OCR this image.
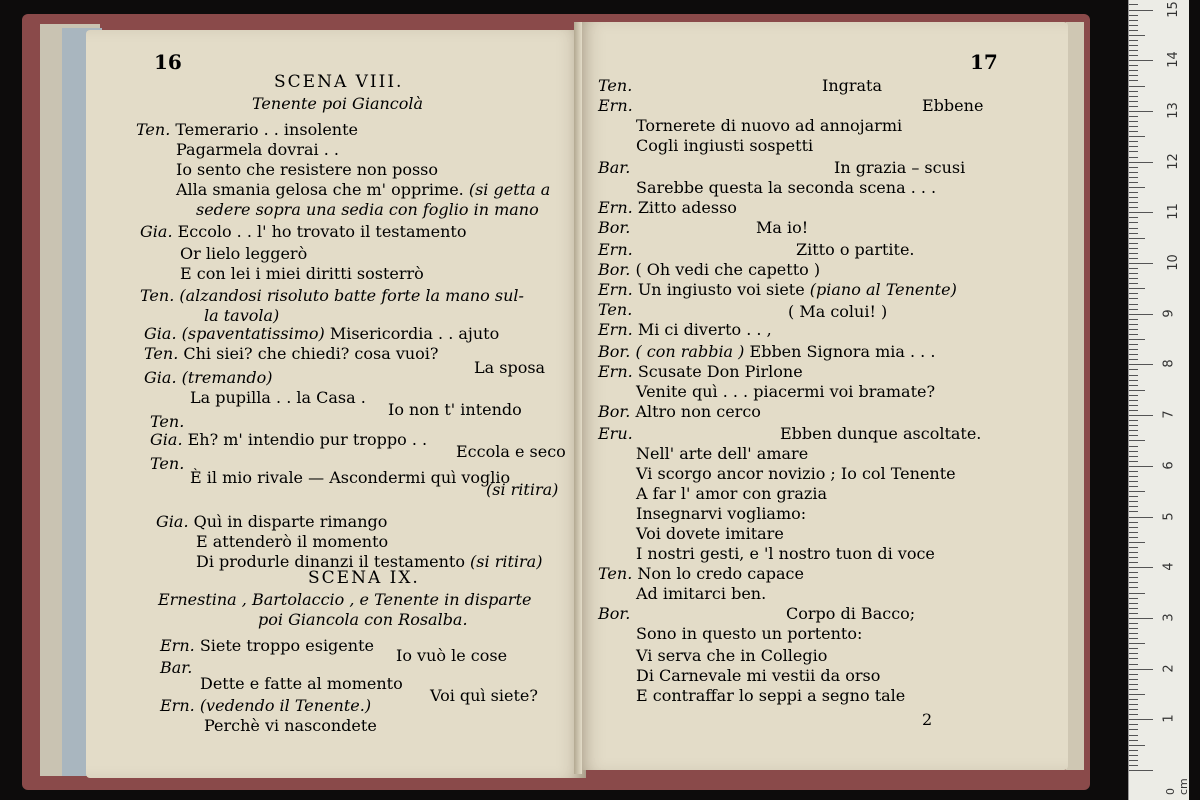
16
SCENA VIII.
Tenente poi Giancolà
Ten. Temerario . . insolente
Pagarmela dovrai . .
Io sento che resistere non posso
Alla smania gelosa che m' opprime. (si getta a
sedere sopra una sedia con foglio in mano
Gia. Eccolo . . l' ho trovato il testamento
Or lielo leggerò
E con lei i miei diritti sosterrò
Ten. (alzandosi risoluto batte forte la mano sul-
la tavola)
Gia. (spaventatissimo) Misericordia . . ajuto
Ten. Chi siei? che chiedi? cosa vuoi?
La sposa
Gia. (tremando)
La pupilla . . la Casa .
Io non t' intendo
Ten.
Gia. Eh? m' intendio pur troppo . .
Eccola e seco
Ten.
È il mio rivale — Ascondermi quì voglio
(si ritira)
Gia. Quì in disparte rimango
E attenderò il momento
Di produrle dinanzi il testamento (si ritira)
SCENA IX.
Ernestina , Bartolaccio , e Tenente in disparte
poi Giancola con Rosalba.
Ern. Siete troppo esigente
Io vuò le cose
Bar.
Dette e fatte al momento
Voi quì siete?
Ern. (vedendo il Tenente.)
Perchè vi nascondete
17
Ten.	Ingrata
Ern.	Ebbene
Tornerete di nuovo ad annojarmi
Cogli ingiusti sospetti
Bar.	In grazia – scusi
Sarebbe questa la seconda scena . . .
Ern. Zitto adesso
Bor.	Ma io!
Ern.	Zitto o partite.
Bor. ( Oh vedi che capetto )
Ern. Un ingiusto voi siete (piano al Tenente)
Ten.	( Ma colui! )
Ern. Mi ci diverto . . ,
Bor. ( con rabbia ) Ebben Signora mia . . .
Ern. Scusate Don Pirlone
Venite quì . . . piacermi voi bramate?
Bor. Altro non cerco
Eru.	Ebben dunque ascoltate.
Nell' arte dell' amare
Vi scorgo ancor novizio ; Io col Tenente
A far l' amor con grazia
Insegnarvi vogliamo:
Voi dovete imitare
I nostri gesti, e 'l nostro tuon di voce
Ten. Non lo credo capace
Ad imitarci ben.
Bor.	Corpo di Bacco;
Sono in questo un portento:
Vi serva che in Collegio
Di Carnevale mi vestii da orso
E contraffar lo seppi a segno tale
2
0 cm
15
14
13
12
11
10
9
8
7
6
5
4
3
2
1
